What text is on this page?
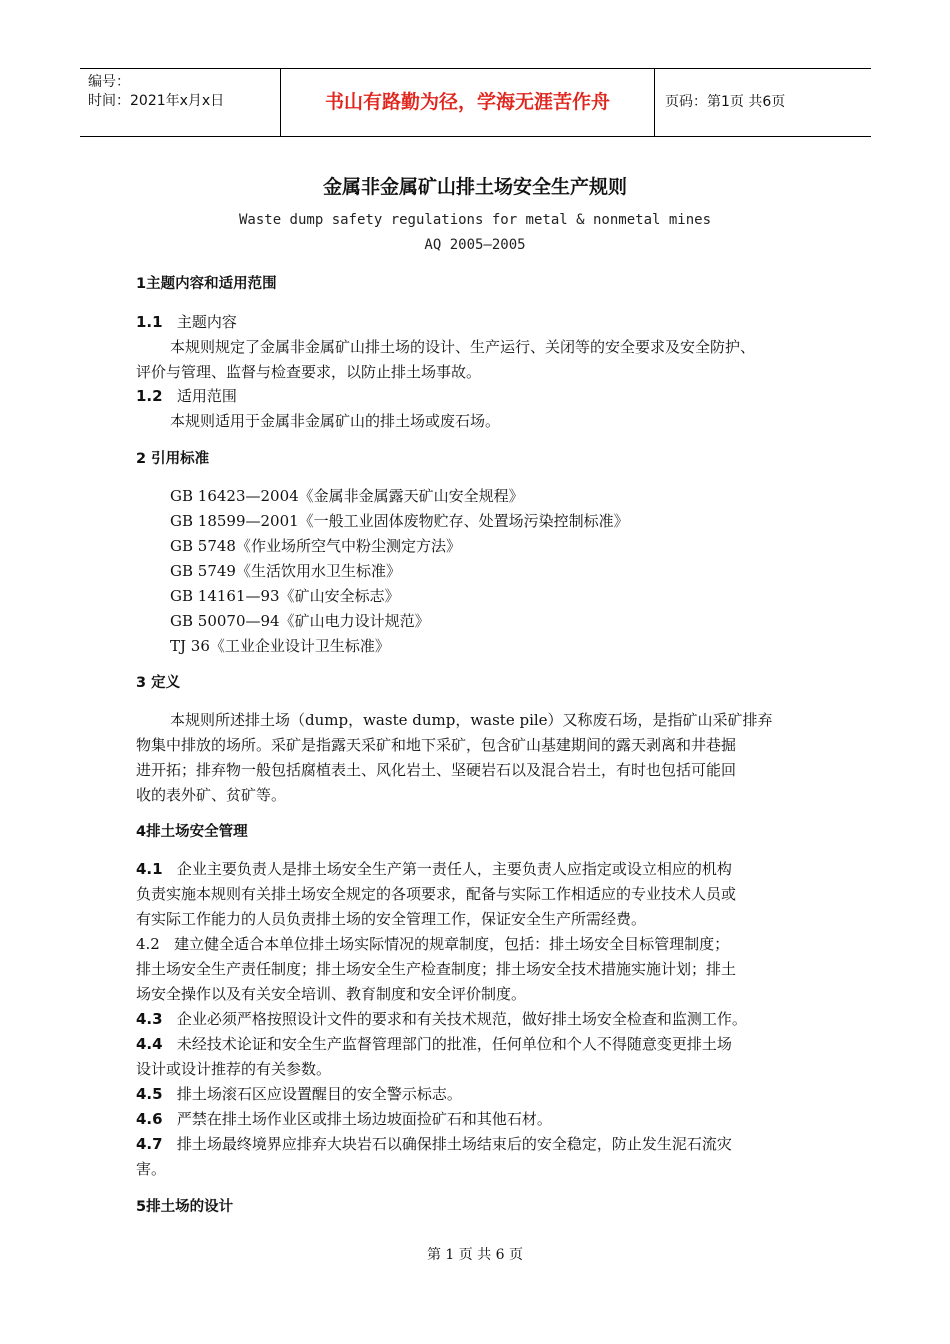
编号：
时间：2021年x月x日	书山有路勤为径，学海无涯苦作舟	页码：第1页 共6页
金属非金属矿山排土场安全生产规则
Waste dump safety regulations for metal & nonmetal mines
AQ 2005—2005
1主题内容和适用范围
1.1 主题内容
本规则规定了金属非金属矿山排土场的设计、生产运行、关闭等的安全要求及安全防护、
评价与管理、监督与检查要求，以防止排土场事故。
1.2 适用范围
本规则适用于金属非金属矿山的排土场或废石场。
2 引用标准
GB 16423—2004《金属非金属露天矿山安全规程》
GB 18599—2001《一般工业固体废物贮存、处置场污染控制标准》
GB 5748《作业场所空气中粉尘测定方法》
GB 5749《生活饮用水卫生标准》
GB 14161—93《矿山安全标志》
GB 50070—94《矿山电力设计规范》
TJ 36《工业企业设计卫生标准》
3 定义
本规则所述排土场（dump，waste dump，waste pile）又称废石场，是指矿山采矿排弃
物集中排放的场所。采矿是指露天采矿和地下采矿，包含矿山基建期间的露天剥离和井巷掘
进开拓；排弃物一般包括腐植表土、风化岩土、坚硬岩石以及混合岩土，有时也包括可能回
收的表外矿、贫矿等。
4排土场安全管理
4.1 企业主要负责人是排土场安全生产第一责任人，主要负责人应指定或设立相应的机构
负责实施本规则有关排土场安全规定的各项要求，配备与实际工作相适应的专业技术人员或
有实际工作能力的人员负责排土场的安全管理工作，保证安全生产所需经费。
4.2 建立健全适合本单位排土场实际情况的规章制度，包括：排土场安全目标管理制度；
排土场安全生产责任制度；排土场安全生产检查制度；排土场安全技术措施实施计划；排土
场安全操作以及有关安全培训、教育制度和安全评价制度。
4.3 企业必须严格按照设计文件的要求和有关技术规范，做好排土场安全检查和监测工作。
4.4 未经技术论证和安全生产监督管理部门的批准，任何单位和个人不得随意变更排土场
设计或设计推荐的有关参数。
4.5 排土场滚石区应设置醒目的安全警示标志。
4.6 严禁在排土场作业区或排土场边坡面捡矿石和其他石材。
4.7 排土场最终境界应排弃大块岩石以确保排土场结束后的安全稳定，防止发生泥石流灾
害。
5排土场的设计
第 1 页 共 6 页
